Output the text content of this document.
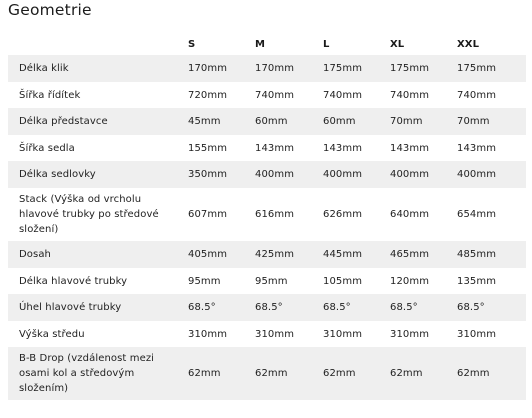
Geometrie
	S	M	L	XL	XXL
Délka klik	170mm	170mm	175mm	175mm	175mm
Šířka řídítek	720mm	740mm	740mm	740mm	740mm
Délka představce	45mm	60mm	60mm	70mm	70mm
Šířka sedla	155mm	143mm	143mm	143mm	143mm
Délka sedlovky	350mm	400mm	400mm	400mm	400mm
Stack (Výška od vrcholu hlavové trubky po středové složení)	607mm	616mm	626mm	640mm	654mm
Dosah	405mm	425mm	445mm	465mm	485mm
Délka hlavové trubky	95mm	95mm	105mm	120mm	135mm
Úhel hlavové trubky	68.5°	68.5°	68.5°	68.5°	68.5°
Výška středu	310mm	310mm	310mm	310mm	310mm
B-B Drop (vzdálenost mezi osami kol a středovým složením)	62mm	62mm	62mm	62mm	62mm
